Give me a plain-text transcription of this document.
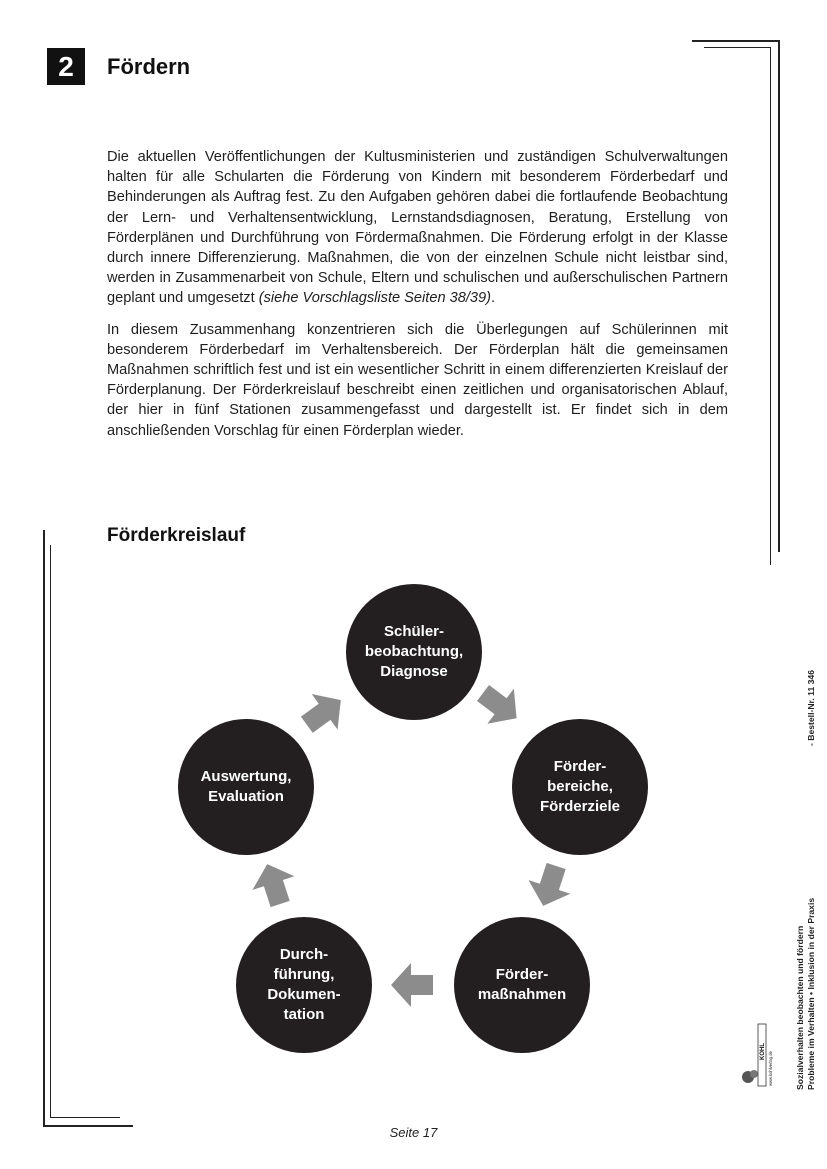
2	Fördern

Die aktuellen Veröffentlichungen der Kultusministerien und zuständigen Schulverwaltungen halten für alle Schularten die Förderung von Kindern mit besonderem Förderbedarf und Behinderungen als Auftrag fest. Zu den Aufgaben gehören dabei die fortlaufende Beobachtung der Lern- und Verhaltensentwicklung, Lernstandsdiagnosen, Beratung, Erstellung von Förderplänen und Durchführung von Fördermaßnahmen. Die Förderung erfolgt in der Klasse durch innere Differenzierung. Maßnahmen, die von der einzelnen Schule nicht leistbar sind, werden in Zusammenarbeit von Schule, Eltern und schulischen und außerschulischen Partnern geplant und umgesetzt (siehe Vorschlagsliste Seiten 38/39).

In diesem Zusammenhang konzentrieren sich die Überlegungen auf Schülerinnen mit besonderem Förderbedarf im Verhaltensbereich. Der Förderplan hält die gemeinsamen Maßnahmen schriftlich fest und ist ein wesentlicher Schritt in einem differenzierten Kreislauf der Förderplanung. Der Förderkreislauf beschreibt einen zeitlichen und organisatorischen Ablauf, der hier in fünf Stationen zusammengefasst und dargestellt ist. Er findet sich in dem anschließenden Vorschlag für einen Förderplan wieder.

Förderkreislauf
Schüler-
beobachtung,
Diagnose
Förder-
bereiche,
Förderziele
Förder-
maßnahmen
Durch-
führung,
Dokumen-
tation
Auswertung,
Evaluation
Sozialverhalten beobachten und fördern Probleme im Verhalten • Inklusion in der Praxis
- Bestell-Nr. 11 346
KOHL www.kohlverlag.de
Seite 17
